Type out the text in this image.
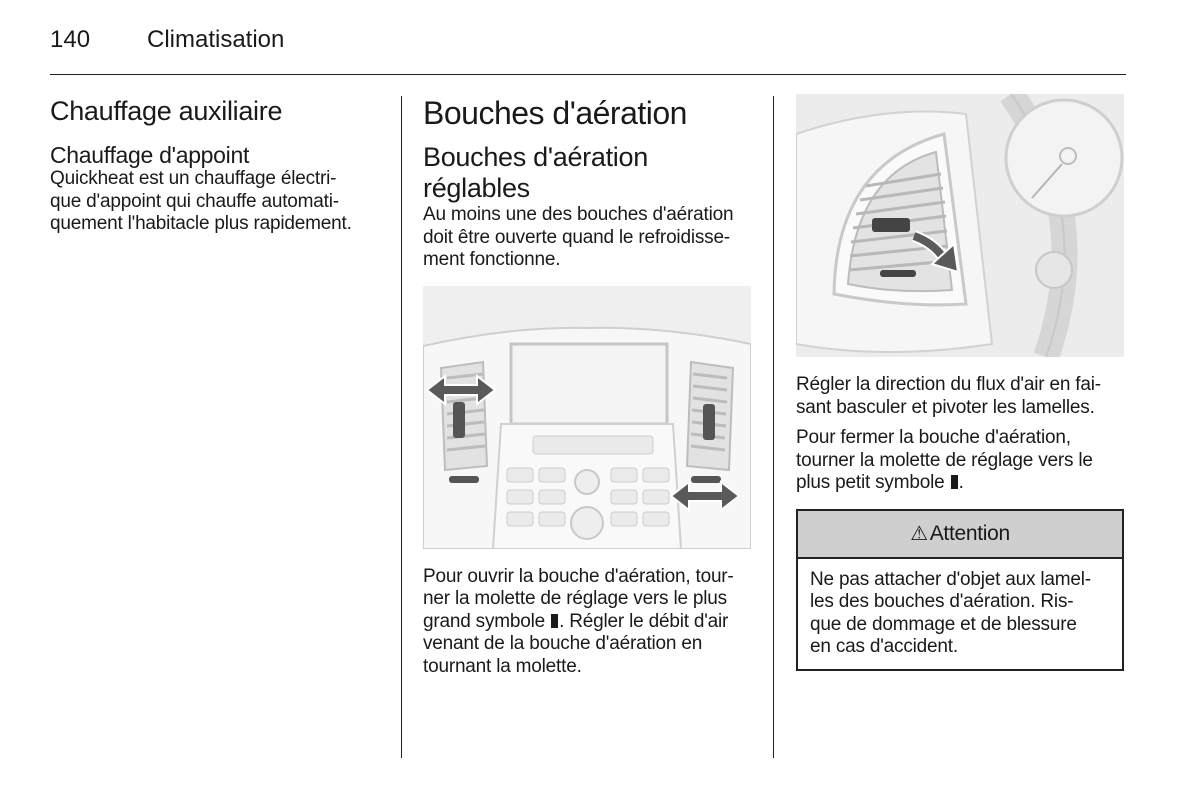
140 Climatisation
Chauffage auxiliaire
Chauffage d'appoint

Quickheat est un chauffage électri-
que d'appoint qui chauffe automati-
quement l'habitacle plus rapidement.

Bouches d'aération
Bouches d'aération
réglables

Au moins une des bouches d'aération
doit être ouverte quand le refroidisse-
ment fonctionne.

Pour ouvrir la bouche d'aération, tour-
ner la molette de réglage vers le plus
grand symbole . Régler le débit d'air
venant de la bouche d'aération en
tournant la molette.

Régler la direction du flux d'air en fai-
sant basculer et pivoter les lamelles.

Pour fermer la bouche d'aération,
tourner la molette de réglage vers le
plus petit symbole .

⚠ Attention
Ne pas attacher d'objet aux lamel-
les des bouches d'aération. Ris-
que de dommage et de blessure
en cas d'accident.
